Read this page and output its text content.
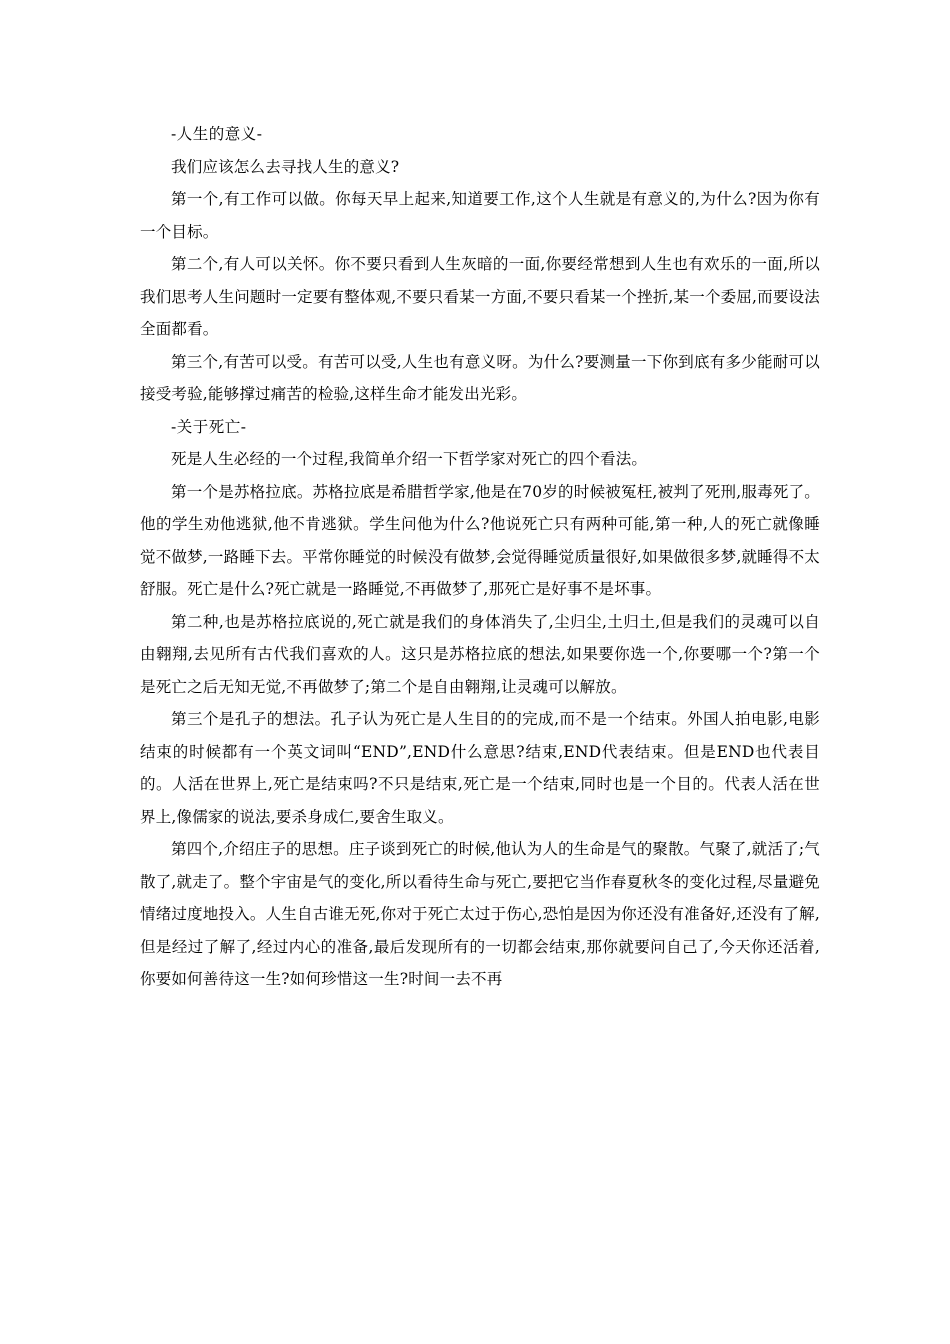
-人生的意义-

我们应该怎么去寻找人生的意义?

第一个,有工作可以做。你每天早上起来,知道要工作,这个人生就是有意义的,为什么?因为你有一个目标。

第二个,有人可以关怀。你不要只看到人生灰暗的一面,你要经常想到人生也有欢乐的一面,所以我们思考人生问题时一定要有整体观,不要只看某一方面,不要只看某一个挫折,某一个委屈,而要设法全面都看。

第三个,有苦可以受。有苦可以受,人生也有意义呀。为什么?要测量一下你到底有多少能耐可以接受考验,能够撑过痛苦的检验,这样生命才能发出光彩。

-关于死亡-

死是人生必经的一个过程,我简单介绍一下哲学家对死亡的四个看法。

第一个是苏格拉底。苏格拉底是希腊哲学家,他是在70岁的时候被冤枉,被判了死刑,服毒死了。他的学生劝他逃狱,他不肯逃狱。学生问他为什么?他说死亡只有两种可能,第一种,人的死亡就像睡觉不做梦,一路睡下去。平常你睡觉的时候没有做梦,会觉得睡觉质量很好,如果做很多梦,就睡得不太舒服。死亡是什么?死亡就是一路睡觉,不再做梦了,那死亡是好事不是坏事。

第二种,也是苏格拉底说的,死亡就是我们的身体消失了,尘归尘,土归土,但是我们的灵魂可以自由翱翔,去见所有古代我们喜欢的人。这只是苏格拉底的想法,如果要你选一个,你要哪一个?第一个是死亡之后无知无觉,不再做梦了;第二个是自由翱翔,让灵魂可以解放。

第三个是孔子的想法。孔子认为死亡是人生目的的完成,而不是一个结束。外国人拍电影,电影结束的时候都有一个英文词叫“END”,END什么意思?结束,END代表结束。但是END也代表目的。人活在世界上,死亡是结束吗?不只是结束,死亡是一个结束,同时也是一个目的。代表人活在世界上,像儒家的说法,要杀身成仁,要舍生取义。

第四个,介绍庄子的思想。庄子谈到死亡的时候,他认为人的生命是气的聚散。气聚了,就活了;气散了,就走了。整个宇宙是气的变化,所以看待生命与死亡,要把它当作春夏秋冬的变化过程,尽量避免情绪过度地投入。人生自古谁无死,你对于死亡太过于伤心,恐怕是因为你还没有准备好,还没有了解,但是经过了解了,经过内心的准备,最后发现所有的一切都会结束,那你就要问自己了,今天你还活着,你要如何善待这一生?如何珍惜这一生?时间一去不再
